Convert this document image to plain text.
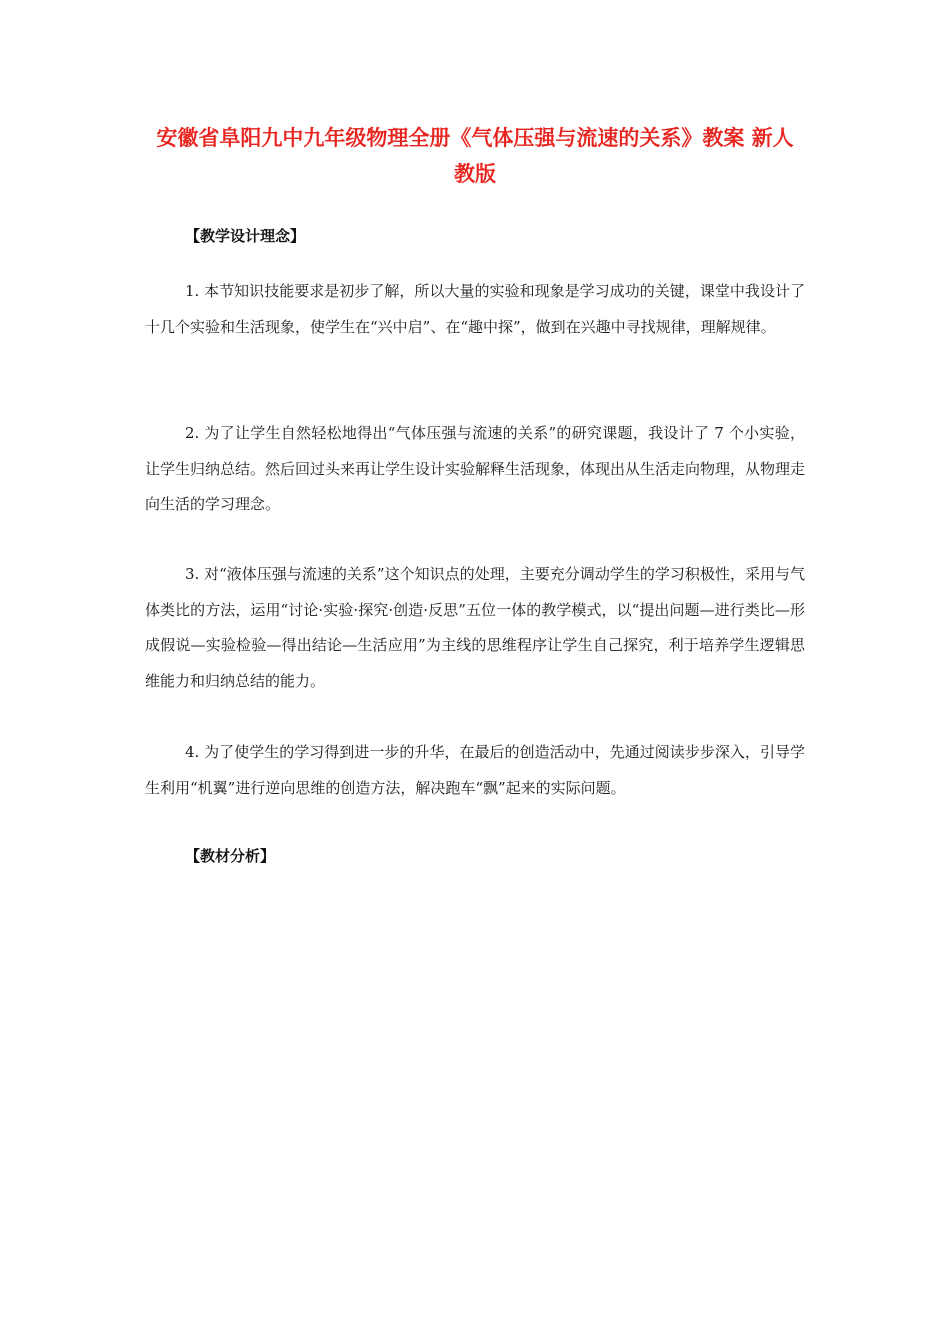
安徽省阜阳九中九年级物理全册《气体压强与流速的关系》教案 新人教版
【教学设计理念】

1. 本节知识技能要求是初步了解，所以大量的实验和现象是学习成功的关键，课堂中我设计了十几个实验和生活现象，使学生在“兴中启”、在“趣中探”，做到在兴趣中寻找规律，理解规律。

2. 为了让学生自然轻松地得出“气体压强与流速的关系”的研究课题，我设计了 7 个小实验，让学生归纳总结。然后回过头来再让学生设计实验解释生活现象，体现出从生活走向物理，从物理走向生活的学习理念。

3. 对“液体压强与流速的关系”这个知识点的处理，主要充分调动学生的学习积极性，采用与气体类比的方法，运用“讨论·实验·探究·创造·反思”五位一体的教学模式，以“提出问题—进行类比—形成假说—实验检验—得出结论—生活应用”为主线的思维程序让学生自己探究，利于培养学生逻辑思维能力和归纳总结的能力。

4. 为了使学生的学习得到进一步的升华，在最后的创造活动中，先通过阅读步步深入，引导学生利用“机翼”进行逆向思维的创造方法，解决跑车“飘”起来的实际问题。

【教材分析】
